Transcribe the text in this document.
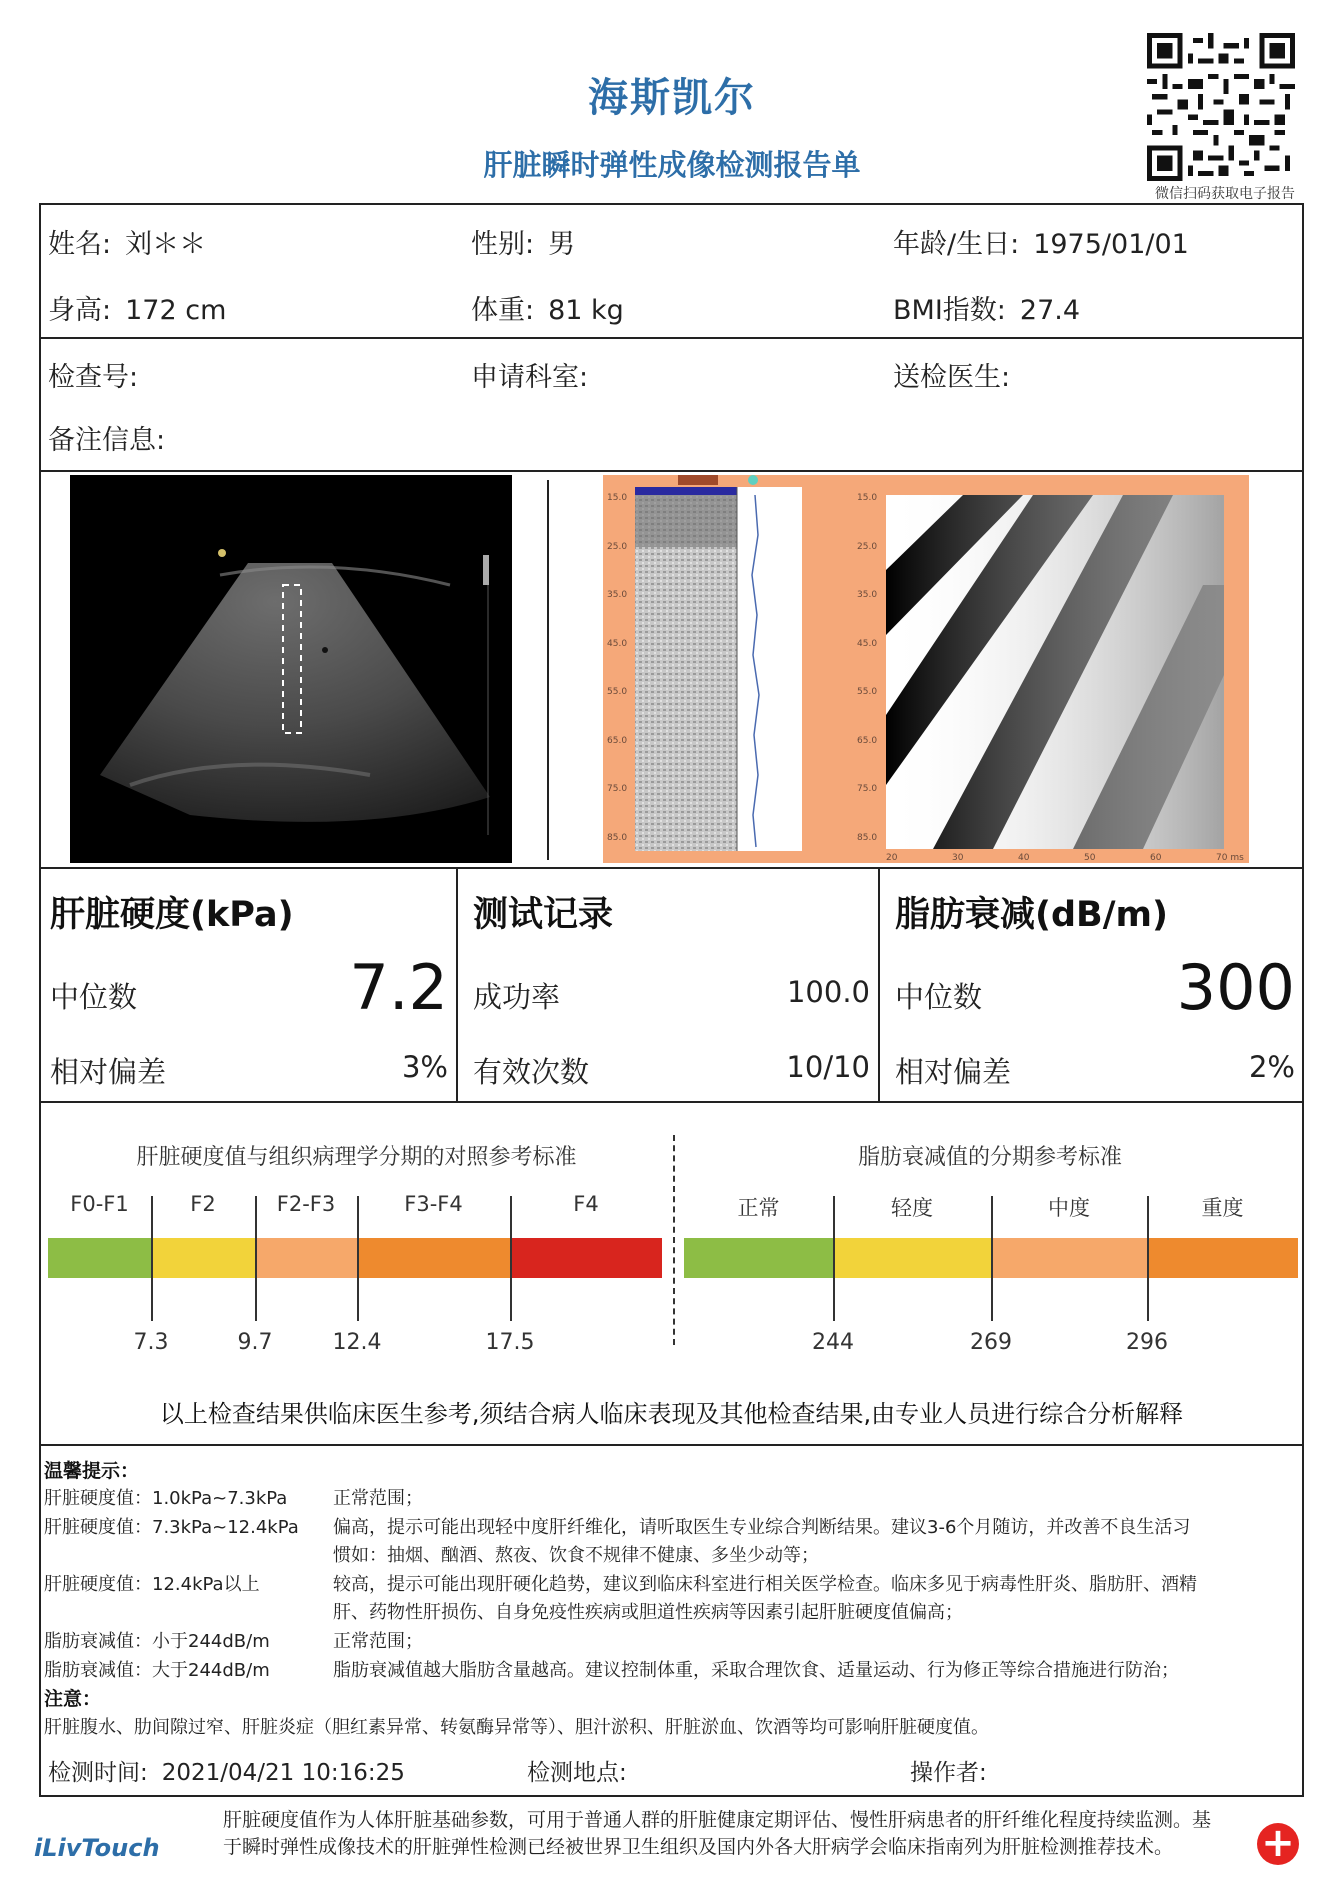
海斯凯尔
肝脏瞬时弹性成像检测报告单
微信扫码获取电子报告
姓名: 刘＊＊	性别: 男	年龄/生日: 1975/01/01
身高: 172 cm	体重: 81 kg	BMI指数: 27.4
检查号:	申请科室:	送检医生:
备注信息:
15.0
25.0
35.0
45.0
55.0
65.0
75.0
85.0
15.0
25.0
35.0
45.0
55.0
65.0
75.0
85.0
20	30	40	50	60	70 ms
肝脏硬度(kPa)
中位数	7.2
相对偏差	3%
测试记录
成功率	100.0
有效次数	10/10
脂肪衰减(dB/m)
中位数	300
相对偏差	2%
肝脏硬度值与组织病理学分期的对照参考标准	脂肪衰减值的分期参考标准
F0-F1	F2	F2-F3	F3-F4	F4
7.3	9.7	12.4	17.5
正常	轻度	中度	重度
244	269	296
以上检查结果供临床医生参考,须结合病人临床表现及其他检查结果,由专业人员进行综合分析解释
温馨提示：
肝脏硬度值：1.0kPa~7.3kPa	正常范围；
肝脏硬度值：7.3kPa~12.4kPa 偏高，提示可能出现轻中度肝纤维化，请听取医生专业综合判断结果。建议3-6个月随访，并改善不良生活习
惯如：抽烟、酗酒、熬夜、饮食不规律不健康、多坐少动等；
肝脏硬度值：12.4kPa以上	较高，提示可能出现肝硬化趋势，建议到临床科室进行相关医学检查。临床多见于病毒性肝炎、脂肪肝、酒精
肝、药物性肝损伤、自身免疫性疾病或胆道性疾病等因素引起肝脏硬度值偏高；
脂肪衰减值：小于244dB/m	正常范围；
脂肪衰减值：大于244dB/m	脂肪衰减值越大脂肪含量越高。建议控制体重，采取合理饮食、适量运动、行为修正等综合措施进行防治；
注意：
肝脏腹水、肋间隙过窄、肝脏炎症（胆红素异常、转氨酶异常等）、胆汁淤积、肝脏淤血、饮酒等均可影响肝脏硬度值。
检测时间: 2021/04/21 10:16:25	检测地点:	操作者:
iLivTouch
肝脏硬度值作为人体肝脏基础参数，可用于普通人群的肝脏健康定期评估、慢性肝病患者的肝纤维化程度持续监测。基于瞬时弹性成像技术的肝脏弹性检测已经被世界卫生组织及国内外各大肝病学会临床指南列为肝脏检测推荐技术。	+
